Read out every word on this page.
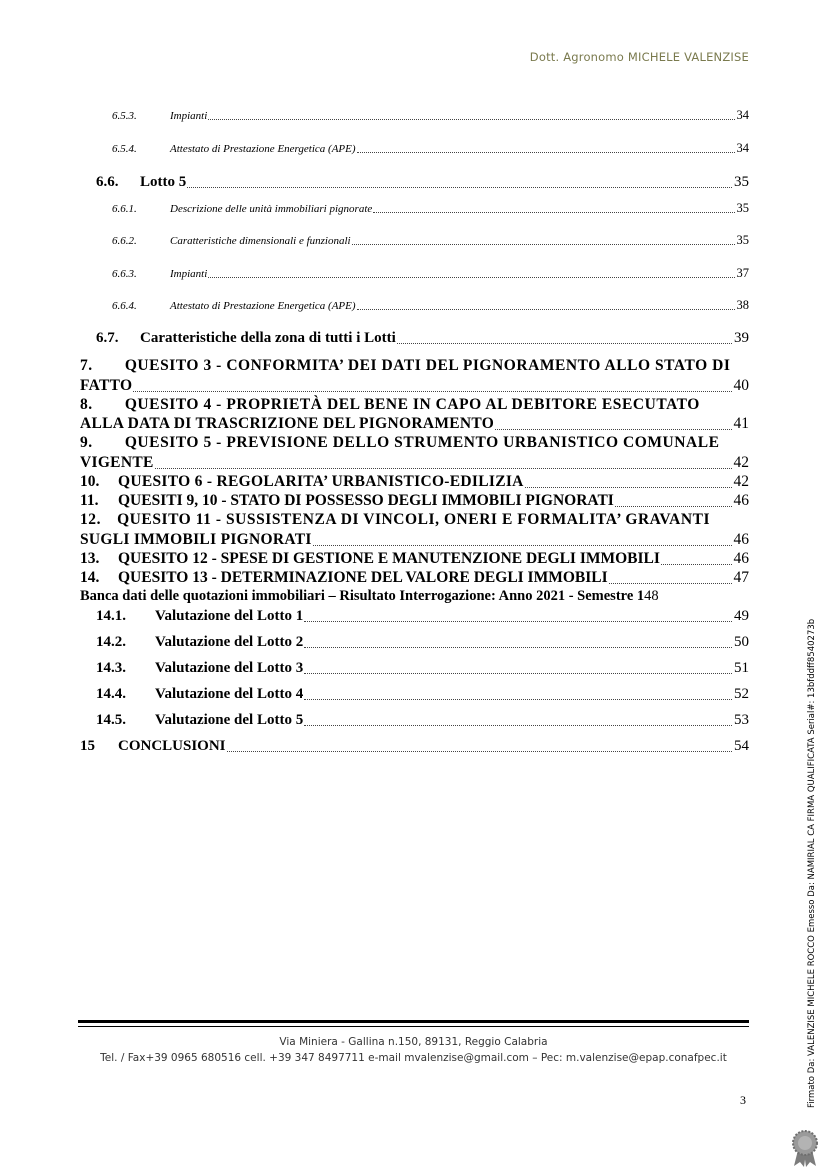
Dott. Agronomo MICHELE VALENZISE
6.5.3.	Impianti	34
6.5.4.	Attestato di Prestazione Energetica (APE)	34
6.6.	Lotto 5	35
6.6.1.	Descrizione delle unità immobiliari pignorate	35
6.6.2.	Caratteristiche dimensionali e funzionali	35
6.6.3.	Impianti	37
6.6.4.	Attestato di Prestazione Energetica (APE)	38
6.7.	Caratteristiche della zona di tutti i Lotti	39
7.  QUESITO 3 - CONFORMITA’ DEI DATI DEL PIGNORAMENTO ALLO STATO DI
FATTO	40
8.  QUESITO 4 - PROPRIETÀ DEL BENE IN CAPO AL DEBITORE ESECUTATO
ALLA DATA DI TRASCRIZIONE DEL PIGNORAMENTO	41
9.  QUESITO 5 - PREVISIONE DELLO STRUMENTO URBANISTICO COMUNALE
VIGENTE	42
10.	QUESITO 6 - REGOLARITA’ URBANISTICO-EDILIZIA	42
11.	QUESITI 9, 10 - STATO DI POSSESSO DEGLI IMMOBILI PIGNORATI	46
12. QUESITO 11 - SUSSISTENZA DI VINCOLI, ONERI E FORMALITA’ GRAVANTI
SUGLI IMMOBILI PIGNORATI	46
13.	QUESITO 12 - SPESE DI GESTIONE E MANUTENZIONE DEGLI IMMOBILI	46
14.	QUESITO 13 - DETERMINAZIONE DEL VALORE DEGLI IMMOBILI	47
Banca dati delle quotazioni immobiliari – Risultato Interrogazione: Anno 2021 - Semestre 1 48
14.1.	Valutazione del Lotto 1	49
14.2.	Valutazione del Lotto 2	50
14.3.	Valutazione del Lotto 3	51
14.4.	Valutazione del Lotto 4	52
14.5.	Valutazione del Lotto 5	53
15	CONCLUSIONI	54
Via Miniera - Gallina n.150, 89131, Reggio Calabria
Tel. / Fax+39 0965 680516 cell. +39 347 8497711 e-mail mvalenzise@gmail.com – Pec: m.valenzise@epap.conafpec.it
3	Firmato Da: VALENZISE MICHELE ROCCO Emesso Da: NAMIRIAL CA FIRMA QUALIFICATA Serial#: 13bfddff8540273b
